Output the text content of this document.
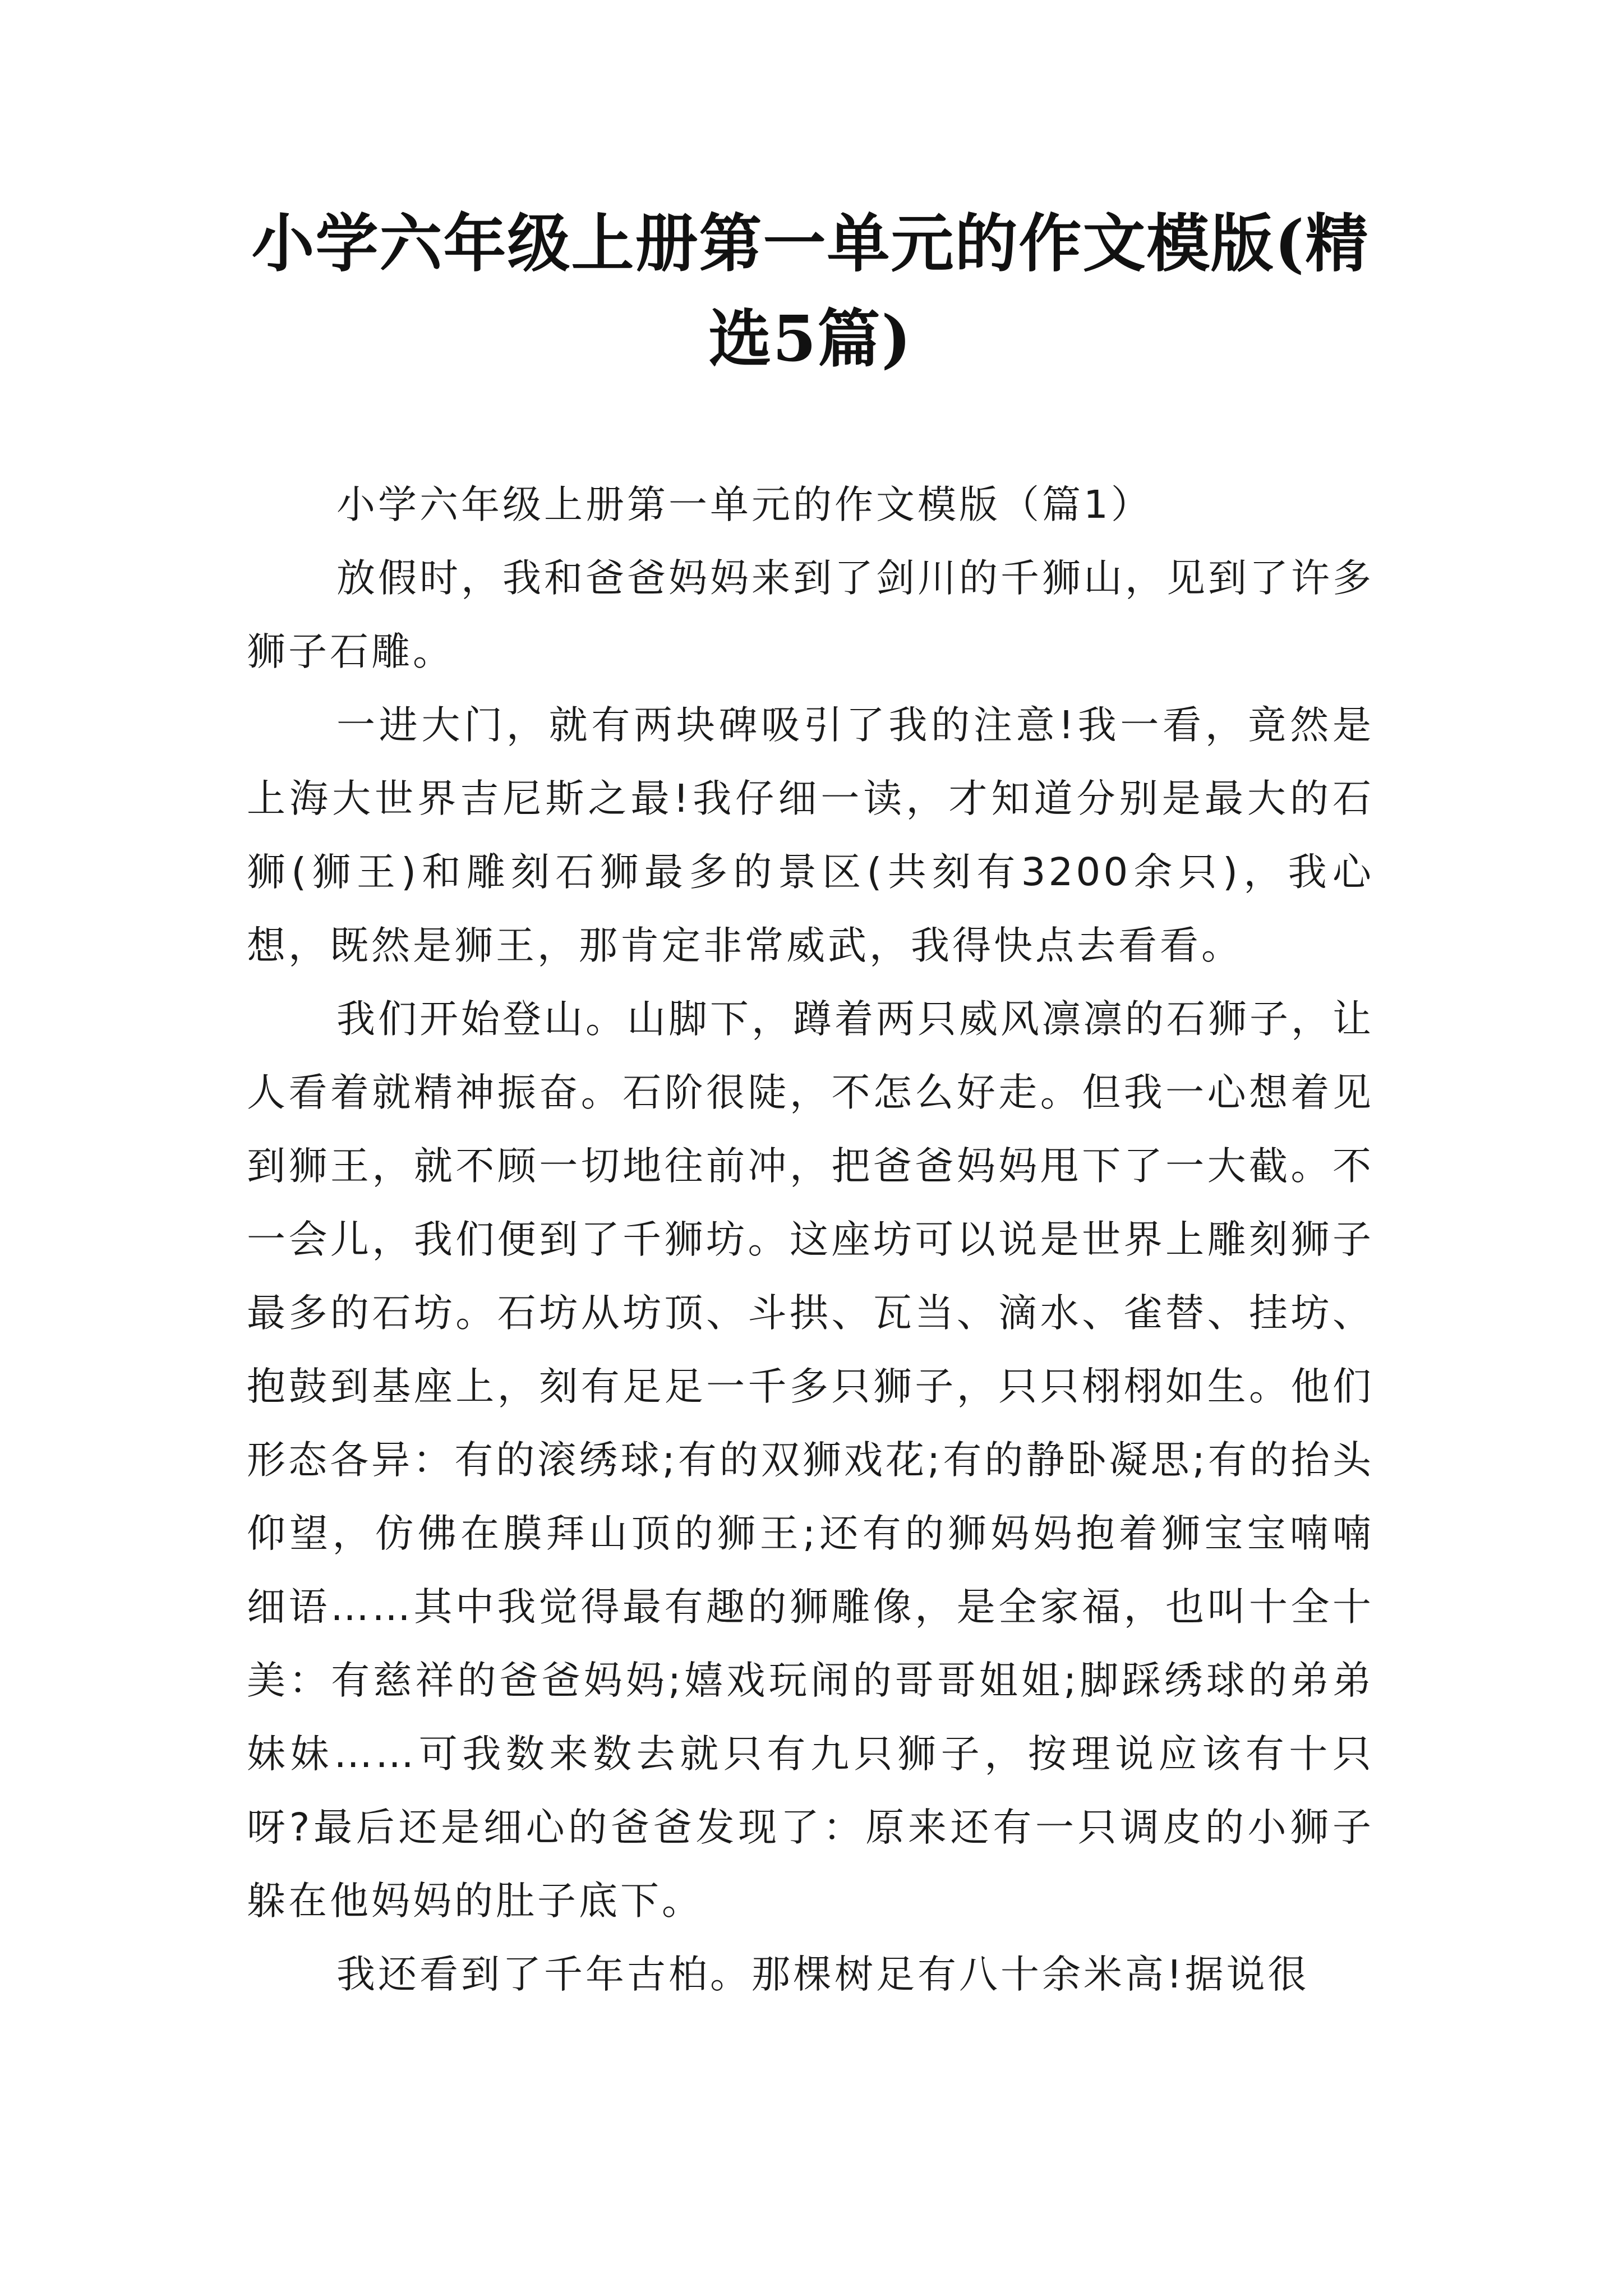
小学六年级上册第一单元的作文模版(精选5篇)

小学六年级上册第一单元的作文模版（篇1）

放假时，我和爸爸妈妈来到了剑川的千狮山，见到了许多狮子石雕。

一进大门，就有两块碑吸引了我的注意!我一看，竟然是上海大世界吉尼斯之最!我仔细一读，才知道分别是最大的石狮(狮王)和雕刻石狮最多的景区(共刻有3200余只)，我心想，既然是狮王，那肯定非常威武，我得快点去看看。

我们开始登山。山脚下，蹲着两只威风凛凛的石狮子，让人看着就精神振奋。石阶很陡，不怎么好走。但我一心想着见到狮王，就不顾一切地往前冲，把爸爸妈妈甩下了一大截。不一会儿，我们便到了千狮坊。这座坊可以说是世界上雕刻狮子最多的石坊。石坊从坊顶、斗拱、瓦当、滴水、雀替、挂坊、抱鼓到基座上，刻有足足一千多只狮子，只只栩栩如生。他们形态各异：有的滚绣球;有的双狮戏花;有的静卧凝思;有的抬头仰望，仿佛在膜拜山顶的狮王;还有的狮妈妈抱着狮宝宝喃喃细语……其中我觉得最有趣的狮雕像，是全家福，也叫十全十美：有慈祥的爸爸妈妈;嬉戏玩闹的哥哥姐姐;脚踩绣球的弟弟妹妹……可我数来数去就只有九只狮子，按理说应该有十只呀?最后还是细心的爸爸发现了：原来还有一只调皮的小狮子躲在他妈妈的肚子底下。

我还看到了千年古柏。那棵树足有八十余米高!据说很
